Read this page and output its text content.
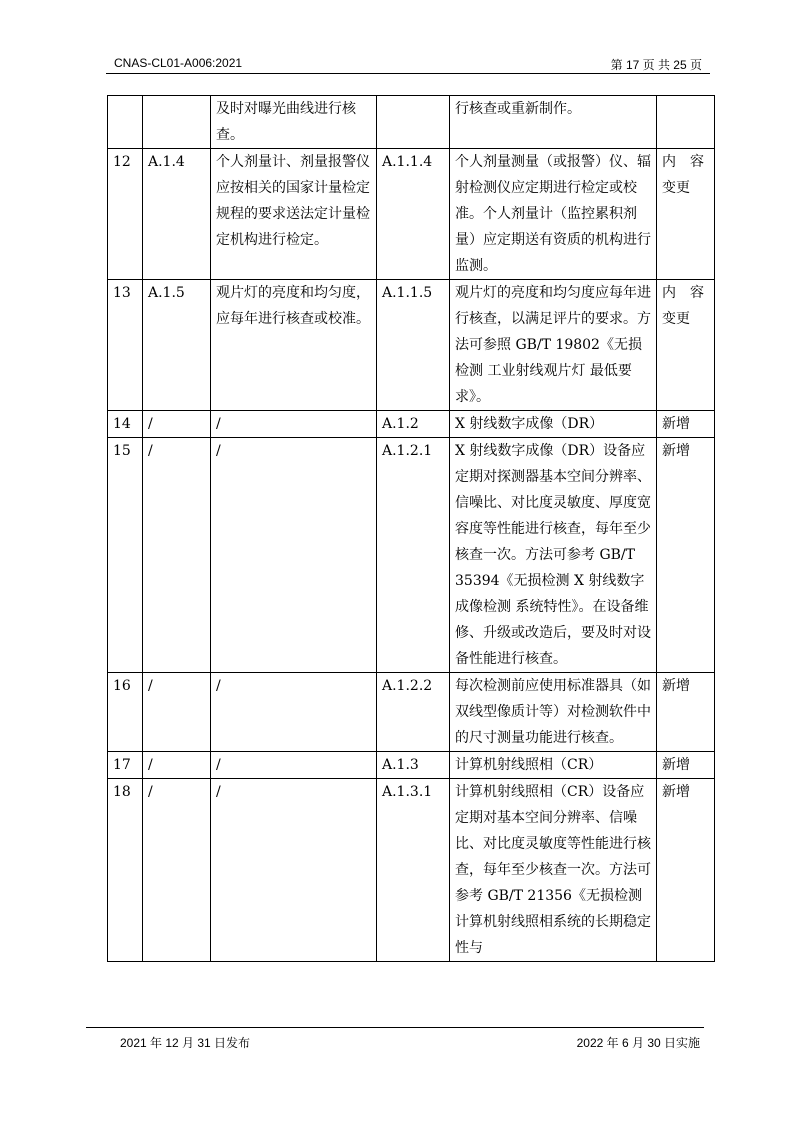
CNAS-CL01-A006:2021	第 17 页 共 25 页
		及时对曝光曲线进行核查。		行核查或重新制作。	
12	A.1.4	个人剂量计、剂量报警仪应按相关的国家计量检定规程的要求送法定计量检定机构进行检定。	A.1.1.4	个人剂量测量（或报警）仪、辐射检测仪应定期进行检定或校准。个人剂量计（监控累积剂量）应定期送有资质的机构进行监测。	内　容变更
13	A.1.5	观片灯的亮度和均匀度，应每年进行核查或校准。	A.1.1.5	观片灯的亮度和均匀度应每年进行核查，以满足评片的要求。方法可参照 GB/T 19802《无损检测 工业射线观片灯 最低要求》。	内　容变更
14	/	/	A.1.2	X 射线数字成像（DR）	新增
15	/	/	A.1.2.1	X 射线数字成像（DR）设备应定期对探测器基本空间分辨率、信噪比、对比度灵敏度、厚度宽容度等性能进行核查，每年至少核查一次。方法可参考 GB/T 35394《无损检测 X 射线数字成像检测 系统特性》。在设备维修、升级或改造后，要及时对设备性能进行核查。	新增
16	/	/	A.1.2.2	每次检测前应使用标准器具（如双线型像质计等）对检测软件中的尺寸测量功能进行核查。	新增
17	/	/	A.1.3	计算机射线照相（CR）	新增
18	/	/	A.1.3.1	计算机射线照相（CR）设备应定期对基本空间分辨率、信噪比、对比度灵敏度等性能进行核查，每年至少核查一次。方法可参考 GB/T 21356《无损检测 计算机射线照相系统的长期稳定性与	新增
2021 年 12 月 31 日发布	2022 年 6 月 30 日实施
